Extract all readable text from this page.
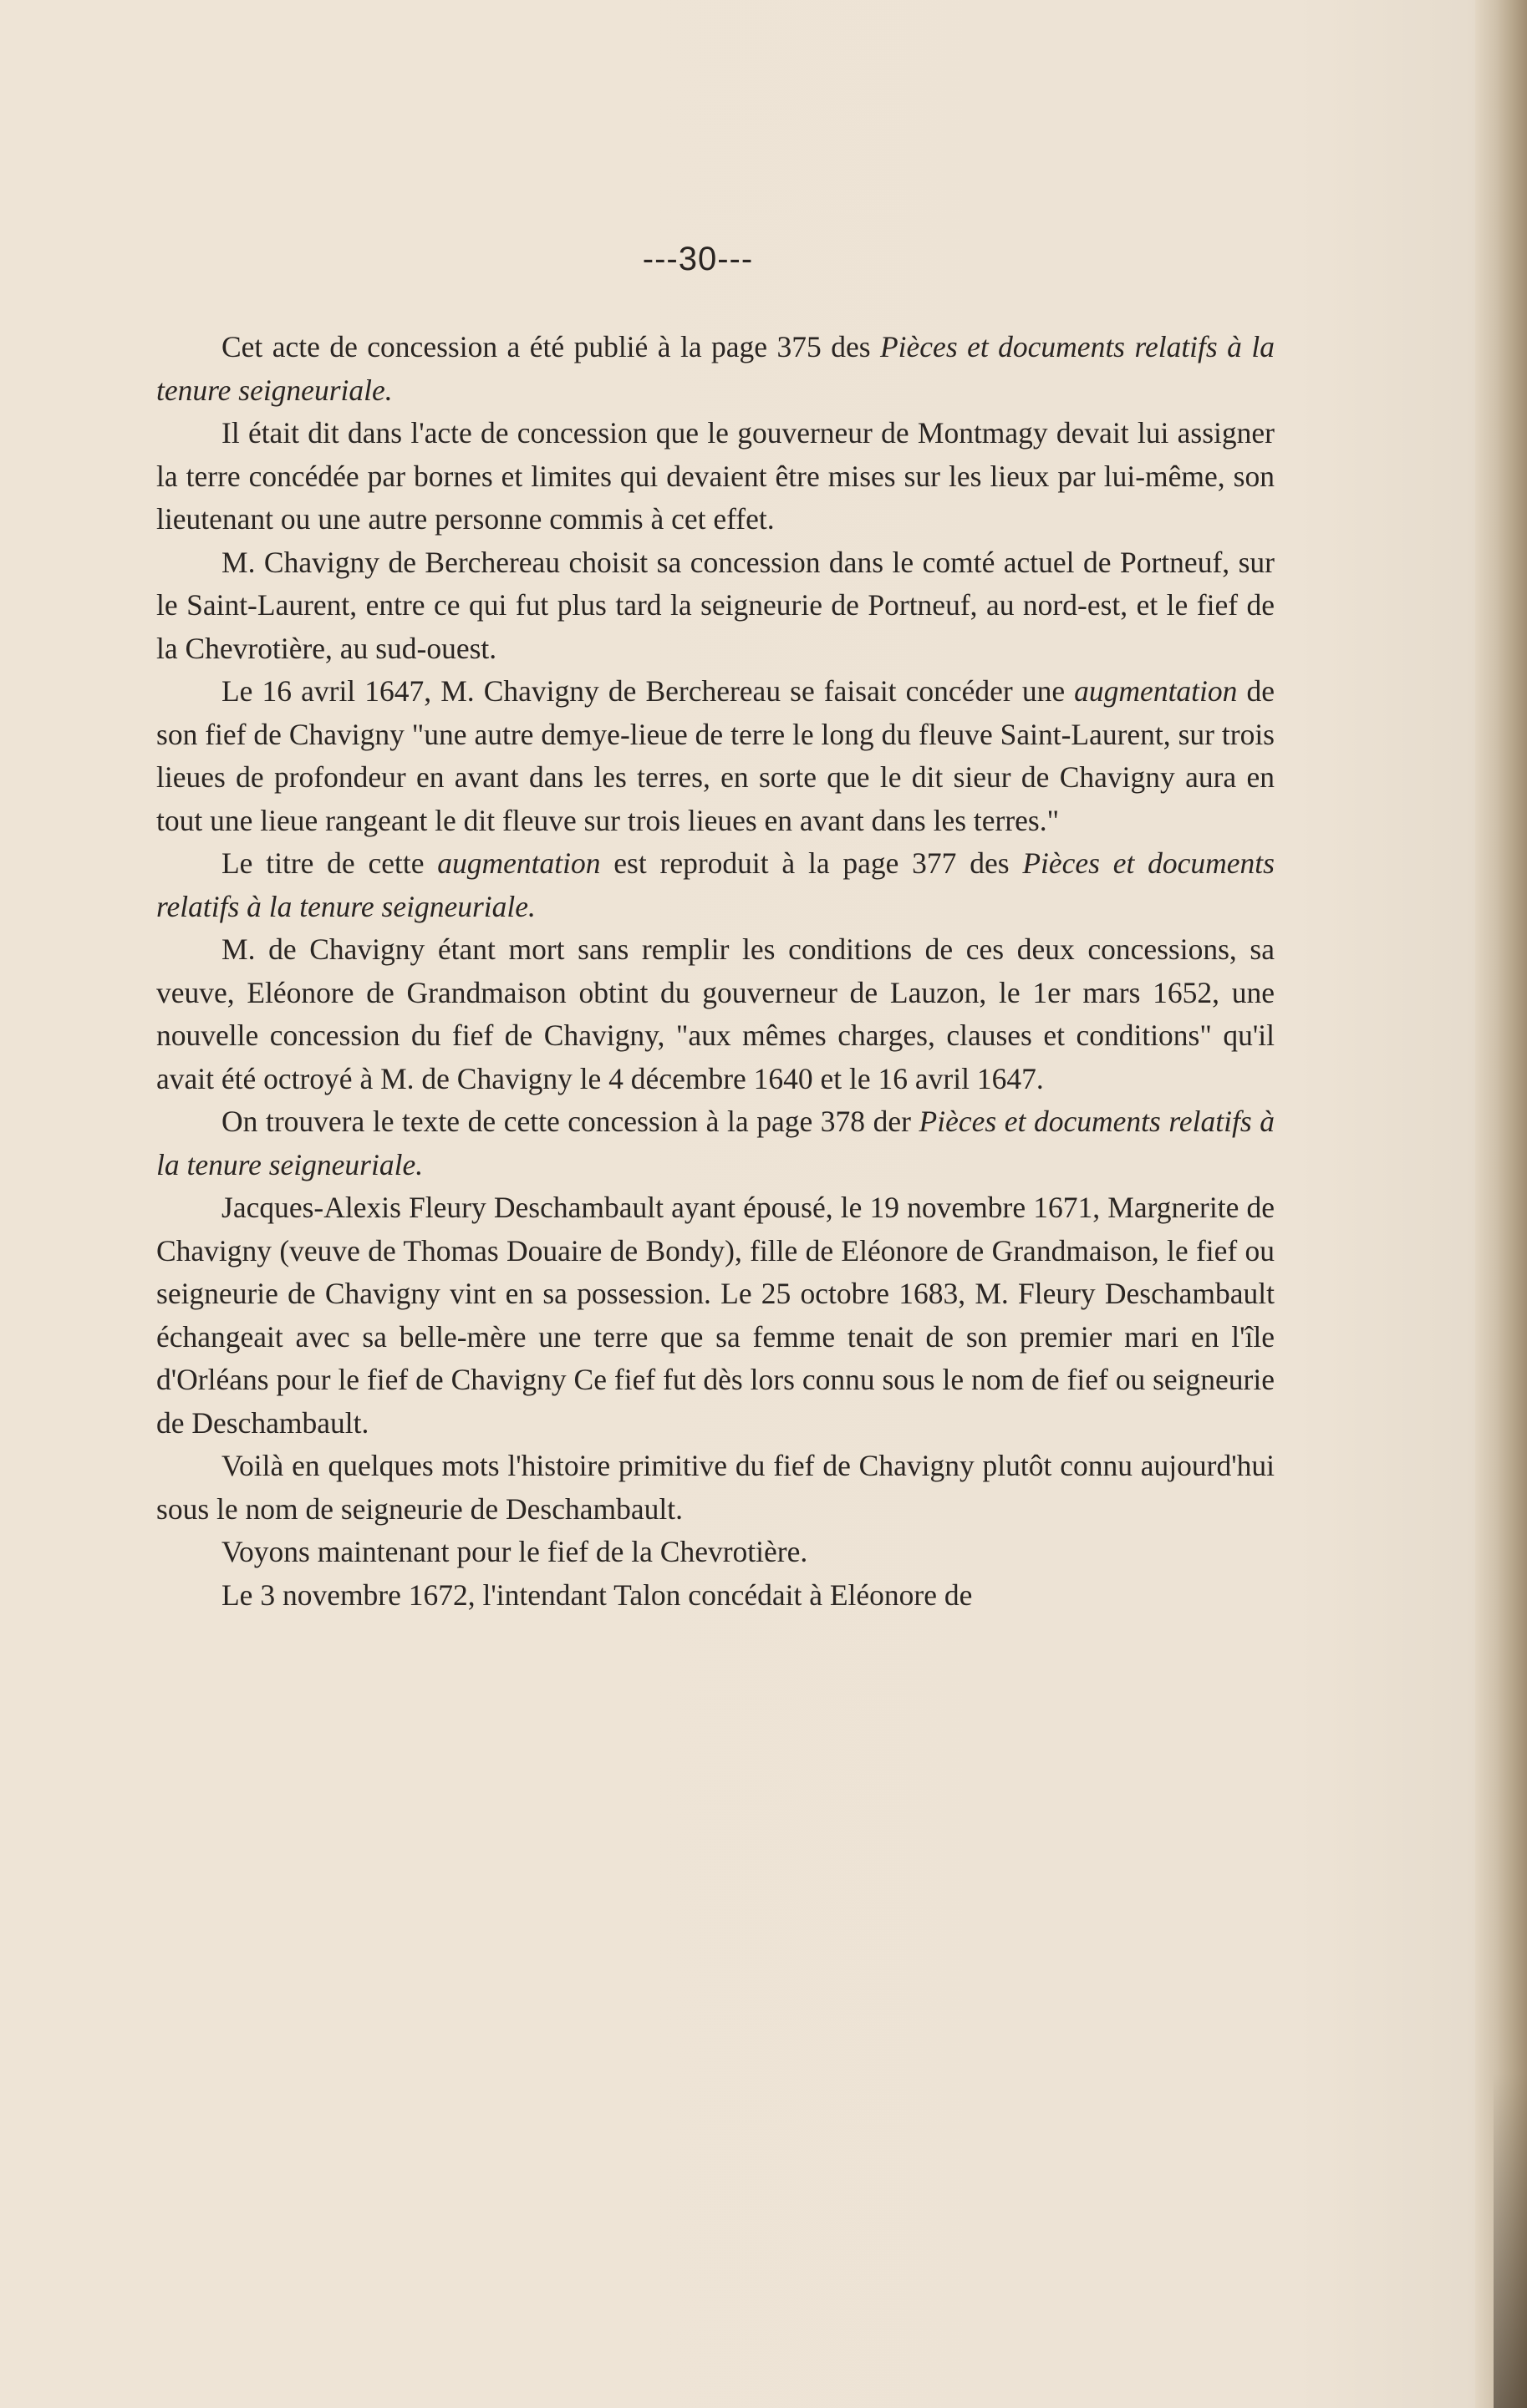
---30---

Cet acte de concession a été publié à la page 375 des Pièces et documents relatifs à la tenure seigneuriale.

Il était dit dans l'acte de concession que le gouverneur de Montmagy devait lui assigner la terre concédée par bornes et limites qui devaient être mises sur les lieux par lui-même, son lieutenant ou une autre personne commis à cet effet.

M. Chavigny de Berchereau choisit sa concession dans le comté actuel de Portneuf, sur le Saint-Laurent, entre ce qui fut plus tard la seigneurie de Portneuf, au nord-est, et le fief de la Chevrotière, au sud-ouest.

Le 16 avril 1647, M. Chavigny de Berchereau se faisait concéder une augmentation de son fief de Chavigny "une autre demye-lieue de terre le long du fleuve Saint-Laurent, sur trois lieues de profondeur en avant dans les terres, en sorte que le dit sieur de Chavigny aura en tout une lieue rangeant le dit fleuve sur trois lieues en avant dans les terres."

Le titre de cette augmentation est reproduit à la page 377 des Pièces et documents relatifs à la tenure seigneuriale.

M. de Chavigny étant mort sans remplir les conditions de ces deux concessions, sa veuve, Eléonore de Grandmaison obtint du gouverneur de Lauzon, le 1er mars 1652, une nouvelle concession du fief de Chavigny, "aux mêmes charges, clauses et conditions" qu'il avait été octroyé à M. de Chavigny le 4 décembre 1640 et le 16 avril 1647.

On trouvera le texte de cette concession à la page 378 der Pièces et documents relatifs à la tenure seigneuriale.

Jacques-Alexis Fleury Deschambault ayant épousé, le 19 novembre 1671, Margnerite de Chavigny (veuve de Thomas Douaire de Bondy), fille de Eléonore de Grandmaison, le fief ou seigneurie de Chavigny vint en sa possession. Le 25 octobre 1683, M. Fleury Deschambault échangeait avec sa belle-mère une terre que sa femme tenait de son premier mari en l'île d'Orléans pour le fief de Chavigny Ce fief fut dès lors connu sous le nom de fief ou seigneurie de Deschambault.

Voilà en quelques mots l'histoire primitive du fief de Chavigny plutôt connu aujourd'hui sous le nom de seigneurie de Deschambault.

Voyons maintenant pour le fief de la Chevrotière.

Le 3 novembre 1672, l'intendant Talon concédait à Eléonore de
